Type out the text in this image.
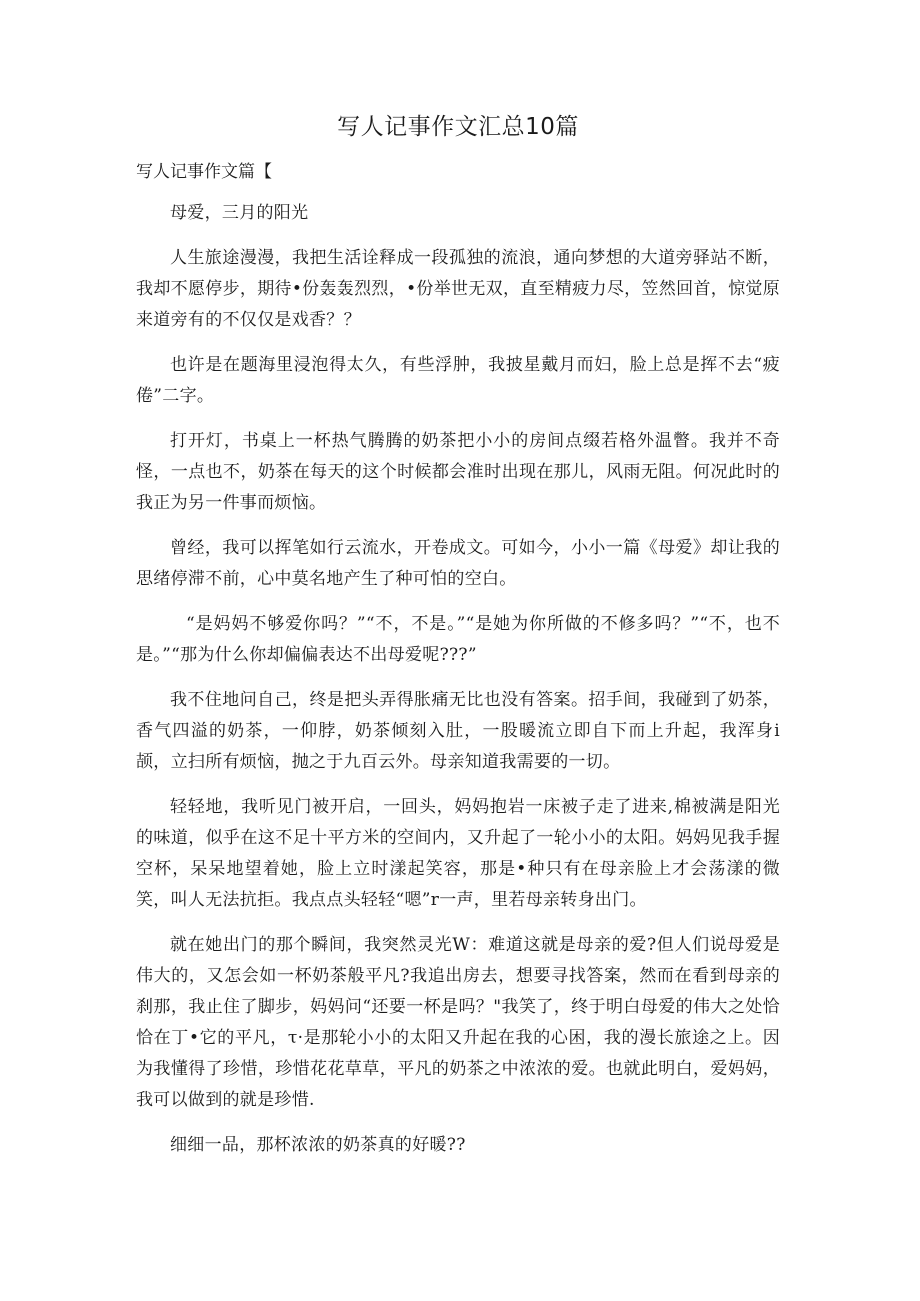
写人记事作文汇总10篇
写人记事作文篇【

母爱，三月的阳光

人生旅途漫漫，我把生活诠释成一段孤独的流浪，通向梦想的大道旁驿站不断，我却不愿停步，期待•份轰轰烈烈，•份举世无双，直至精疲力尽，笠然回首，惊觉原来道旁有的不仅仅是戏香？？

也许是在题海里浸泡得太久，有些浮肿，我披星戴月而妇，脸上总是挥不去“疲倦”二字。

打开灯，书桌上一杯热气腾腾的奶茶把小小的房间点缀若格外温瞥。我并不奇怪，一点也不，奶茶在每天的这个时候都会准时出现在那儿，风雨无阻。何况此时的我正为另一件事而烦恼。

曾经，我可以挥笔如行云流水，开卷成文。可如今，小小一篇《母爱》却让我的思绪停滞不前，心中莫名地产生了种可怕的空白。

“是妈妈不够爱你吗？”“不，不是。”“是她为你所做的不修多吗？”“不，也不是。”“那为什么你却偏偏表达不出母爱呢???”

我不住地问自己，终是把头弄得胀痛无比也没有答案。招手间，我碰到了奶茶，香气四溢的奶茶，一仰脖，奶茶倾刻入肚，一股暖流立即自下而上升起，我浑身i颉，立扫所有烦恼，抛之于九百云外。母亲知道我需要的一切。

轻轻地，我听见门被开启，一回头，妈妈抱岩一床被子走了进来,棉被满是阳光的味道，似乎在这不足十平方米的空间内，又升起了一轮小小的太阳。妈妈见我手握空杯，呆呆地望着她，脸上立时漾起笑容，那是•种只有在母亲脸上才会荡漾的微笑，叫人无法抗拒。我点点头轻轻“嗯”r一声，里若母亲转身出门。

就在她出门的那个瞬间，我突然灵光W：难道这就是母亲的爱?但人们说母爱是伟大的，又怎会如一杯奶茶般平凡?我追出房去，想要寻找答案，然而在看到母亲的刹那，我止住了脚步，妈妈问“还要一杯是吗？"我笑了，终于明白母爱的伟大之处恰恰在丁•它的平凡，τ·是那轮小小的太阳又升起在我的心困，我的漫长旅途之上。因为我懂得了珍惜，珍惜花花草草，平凡的奶茶之中浓浓的爱。也就此明白，爱妈妈，我可以做到的就是珍惜.

细细一品，那杯浓浓的奶茶真的好暖??
